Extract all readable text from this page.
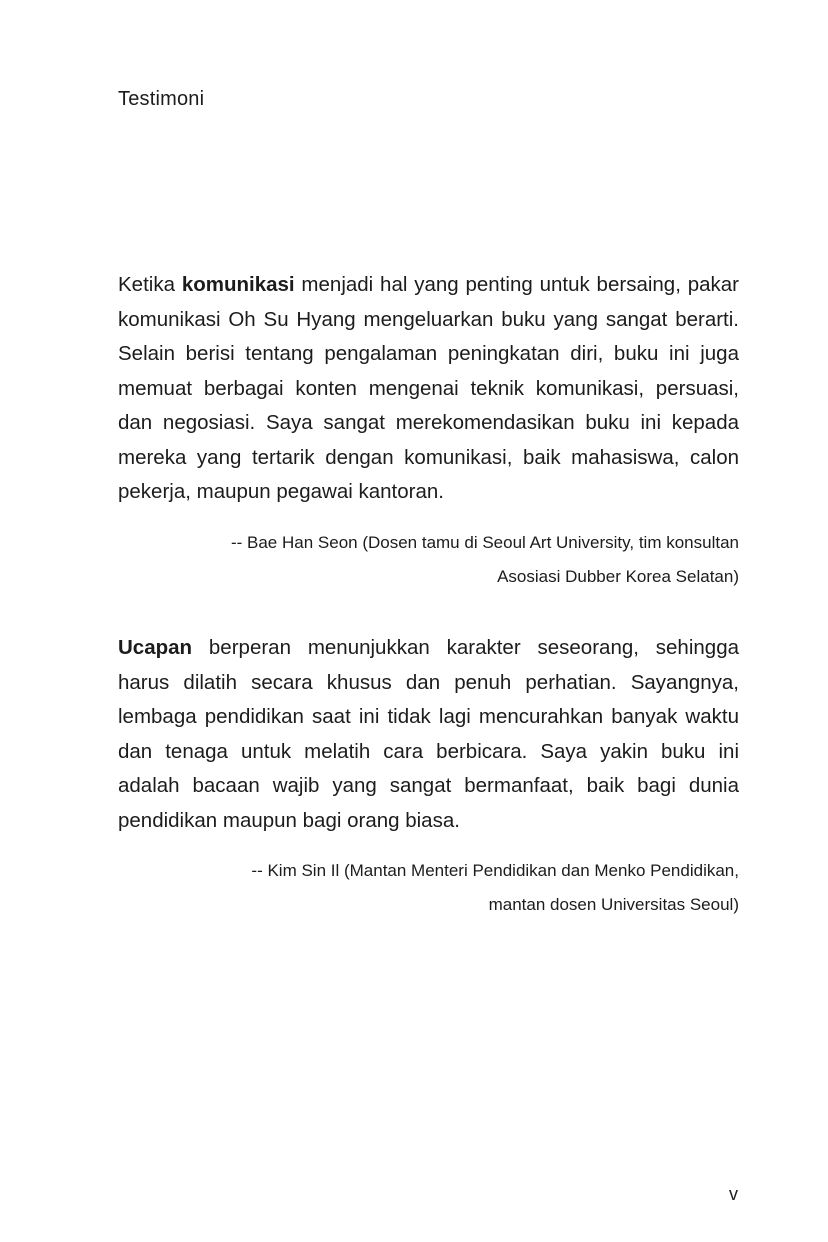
Testimoni

Ketika komunikasi menjadi hal yang penting untuk bersaing, pakar komunikasi Oh Su Hyang mengeluarkan buku yang sangat berarti. Selain berisi tentang pengalaman peningkatan diri, buku ini juga memuat berbagai konten mengenai teknik komunikasi, persuasi, dan negosiasi. Saya sangat merekomendasikan buku ini kepada mereka yang tertarik dengan komunikasi, baik mahasiswa, calon pekerja, maupun pegawai kantoran.

-- Bae Han Seon (Dosen tamu di Seoul Art University, tim konsultan
Asosiasi Dubber Korea Selatan)

Ucapan berperan menunjukkan karakter seseorang, sehingga harus dilatih secara khusus dan penuh perhatian. Sayangnya, lembaga pendidikan saat ini tidak lagi mencurahkan banyak waktu dan tenaga untuk melatih cara berbicara. Saya yakin buku ini adalah bacaan wajib yang sangat bermanfaat, baik bagi dunia pendidikan maupun bagi orang biasa.

-- Kim Sin Il (Mantan Menteri Pendidikan dan Menko Pendidikan,
mantan dosen Universitas Seoul)
v
